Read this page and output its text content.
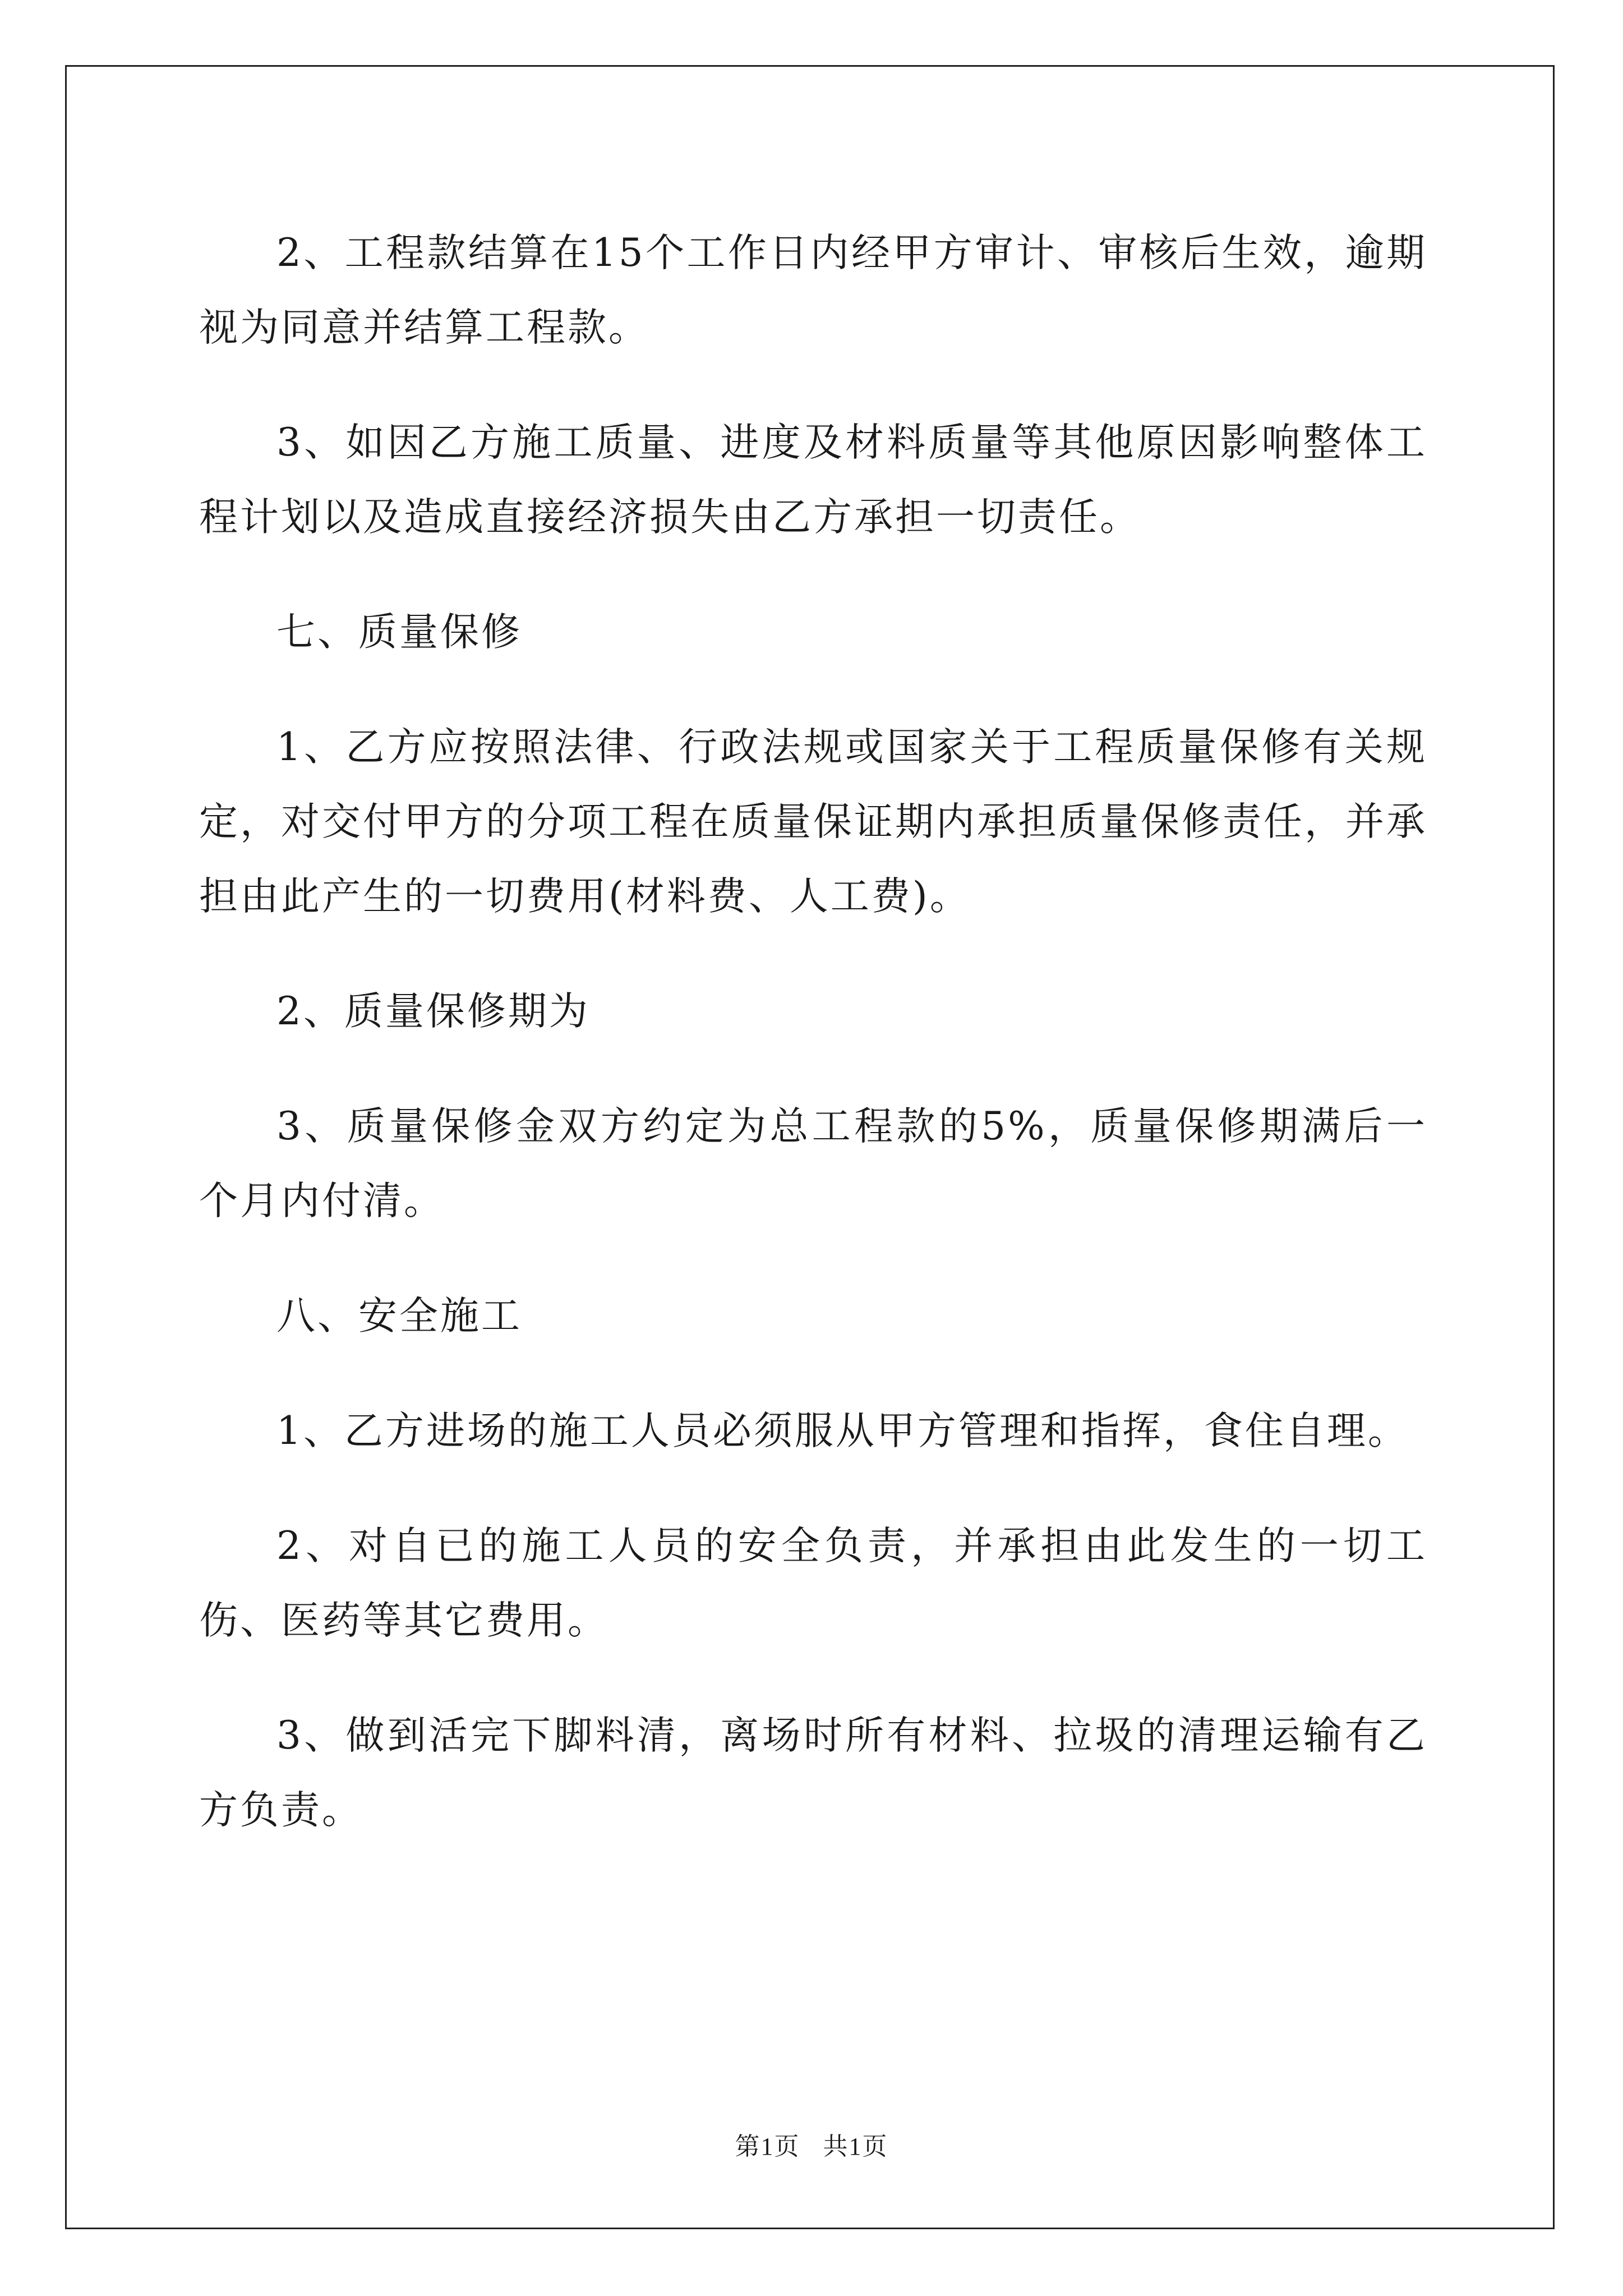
2、工程款结算在15个工作日内经甲方审计、审核后生效，逾期视为同意并结算工程款。

3、如因乙方施工质量、进度及材料质量等其他原因影响整体工程计划以及造成直接经济损失由乙方承担一切责任。

七、质量保修

1、乙方应按照法律、行政法规或国家关于工程质量保修有关规定，对交付甲方的分项工程在质量保证期内承担质量保修责任，并承担由此产生的一切费用(材料费、人工费)。

2、质量保修期为

3、质量保修金双方约定为总工程款的5%，质量保修期满后一个月内付清。

八、安全施工

1、乙方进场的施工人员必须服从甲方管理和指挥，食住自理。

2、对自已的施工人员的安全负责，并承担由此发生的一切工伤、医药等其它费用。

3、做到活完下脚料清，离场时所有材料、拉圾的清理运输有乙方负责。

第1页 共1页
